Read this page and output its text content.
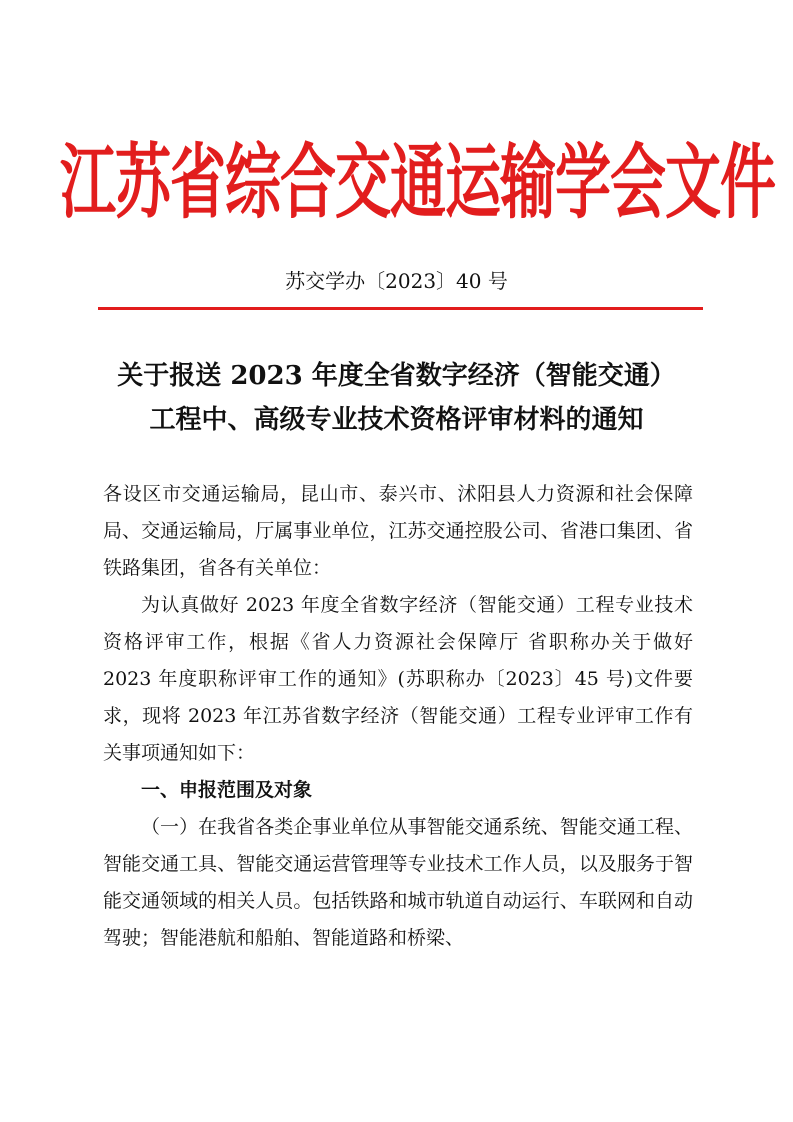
江苏省综合交通运输学会文件
苏交学办〔2023〕40 号
关于报送 2023 年度全省数字经济（智能交通）
工程中、高级专业技术资格评审材料的通知

各设区市交通运输局，昆山市、泰兴市、沭阳县人力资源和社会保障局、交通运输局，厅属事业单位，江苏交通控股公司、省港口集团、省铁路集团，省各有关单位：

为认真做好 2023 年度全省数字经济（智能交通）工程专业技术资格评审工作，根据《省人力资源社会保障厅 省职称办关于做好 2023 年度职称评审工作的通知》(苏职称办〔2023〕45 号)文件要求，现将 2023 年江苏省数字经济（智能交通）工程专业评审工作有关事项通知如下：

一、申报范围及对象

（一）在我省各类企事业单位从事智能交通系统、智能交通工程、智能交通工具、智能交通运营管理等专业技术工作人员，以及服务于智能交通领域的相关人员。包括铁路和城市轨道自动运行、车联网和自动驾驶；智能港航和船舶、智能道路和桥梁、
